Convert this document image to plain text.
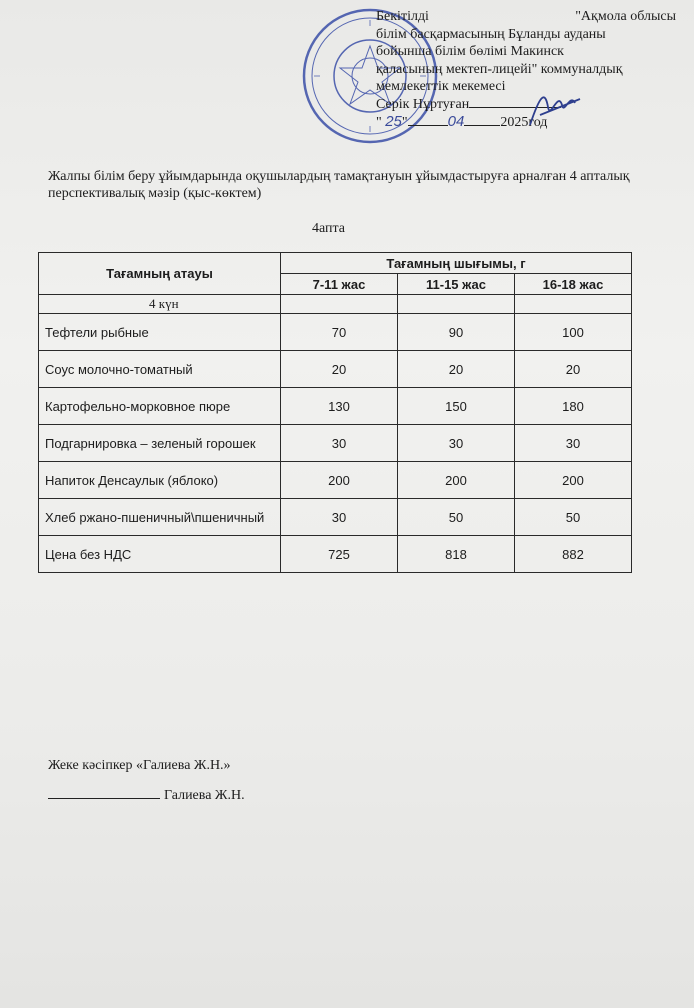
Бекітілді	"Ақмола облысы
білім басқармасының Бұланды ауданы
бойынша білім бөлімі Макинск
қаласының мектеп-лицейі" коммуналдық
мемлекеттік мекемесі
Серік Нұртуған
" 25"	04	2025год
Жалпы білім беру ұйымдарында оқушылардың тамақтануын ұйымдастыруға арналған 4 апталық перспективалық мәзір (қыс-көктем)
4апта
Тағамның атауы	Тағамның шығымы, г		
	7-11 жас	11-15 жас	16-18 жас
4 күн			
Тефтели рыбные	70	90	100
Соус молочно-томатный	20	20	20
Картофельно-морковное пюре	130	150	180
Подгарнировка – зеленый горошек	30	30	30
Напиток Денсаулык (яблоко)	200	200	200
Хлеб ржано-пшеничный\пшеничный	30	50	50
Цена без НДС	725	818	882
Жеке кәсіпкер «Галиева Ж.Н.»
Галиева Ж.Н.
